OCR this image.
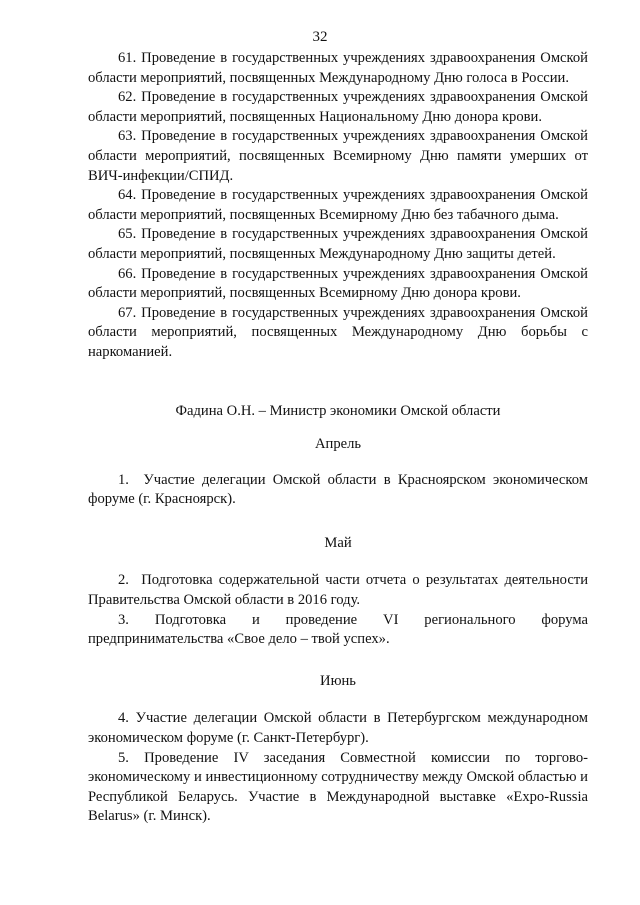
32

61. Проведение в государственных учреждениях здравоохранения Омской области мероприятий, посвященных Международному Дню голоса в России.

62. Проведение в государственных учреждениях здравоохранения Омской области мероприятий, посвященных Национальному Дню донора крови.

63. Проведение в государственных учреждениях здравоохранения Омской области мероприятий, посвященных Всемирному Дню памяти умерших от ВИЧ-инфекции/СПИД.

64. Проведение в государственных учреждениях здравоохранения Омской области мероприятий, посвященных Всемирному Дню без табачного дыма.

65. Проведение в государственных учреждениях здравоохранения Омской области мероприятий, посвященных Международному Дню защиты детей.

66. Проведение в государственных учреждениях здравоохранения Омской области мероприятий, посвященных Всемирному Дню донора крови.

67. Проведение в государственных учреждениях здравоохранения Омской области мероприятий, посвященных Международному Дню борьбы с наркоманией.

Фадина О.Н. – Министр экономики Омской области

Апрель

1. Участие делегации Омской области в Красноярском экономическом форуме (г. Красноярск).

Май

2. Подготовка содержательной части отчета о результатах деятельности Правительства Омской области в 2016 году.

3. Подготовка и проведение VI регионального форума предпринимательства «Свое дело – твой успех».

Июнь

4. Участие делегации Омской области в Петербургском международном экономическом форуме (г. Санкт-Петербург).

5. Проведение IV заседания Совместной комиссии по торгово-экономическому и инвестиционному сотрудничеству между Омской областью и Республикой Беларусь. Участие в Международной выставке «Expo-Russia Belarus» (г. Минск).
